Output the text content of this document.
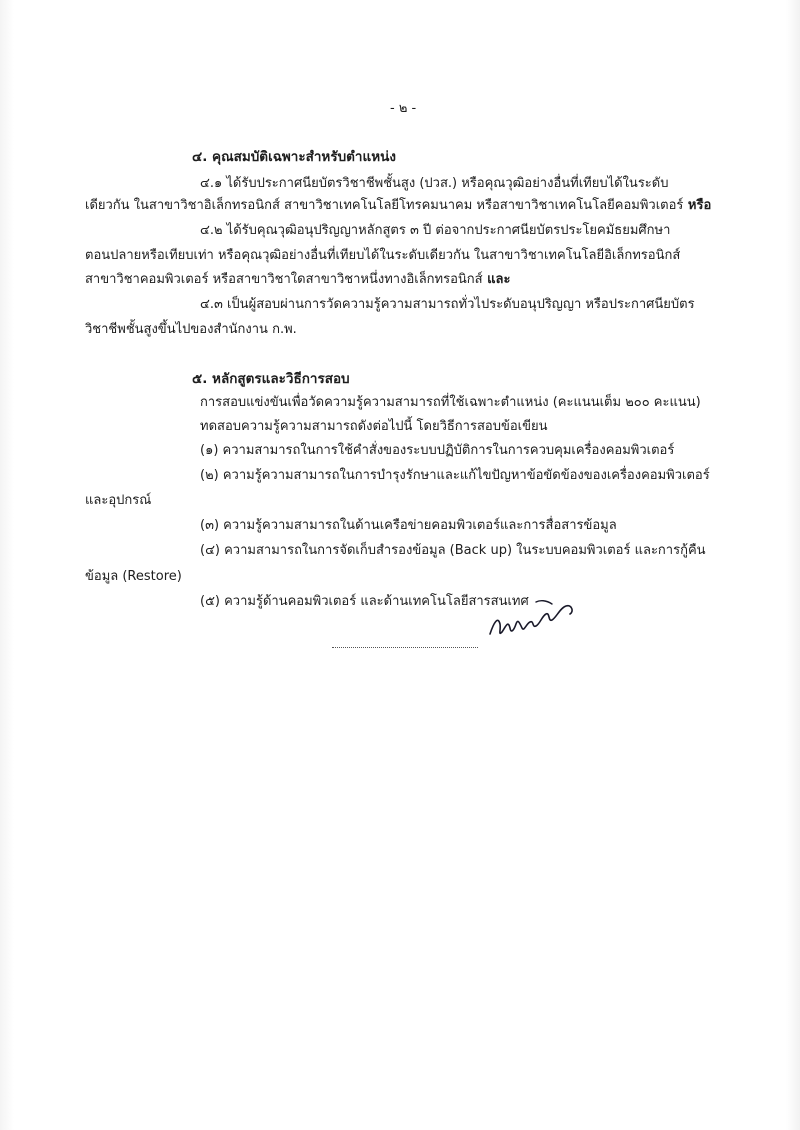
- ๒ -
๔. คุณสมบัติเฉพาะสำหรับตำแหน่ง
๔.๑ ได้รับประกาศนียบัตรวิชาชีพชั้นสูง (ปวส.) หรือคุณวุฒิอย่างอื่นที่เทียบได้ในระดับ
เดียวกัน ในสาขาวิชาอิเล็กทรอนิกส์ สาขาวิชาเทคโนโลยีโทรคมนาคม หรือสาขาวิชาเทคโนโลยีคอมพิวเตอร์ หรือ
๔.๒ ได้รับคุณวุฒิอนุปริญญาหลักสูตร ๓ ปี ต่อจากประกาศนียบัตรประโยคมัธยมศึกษา
ตอนปลายหรือเทียบเท่า หรือคุณวุฒิอย่างอื่นที่เทียบได้ในระดับเดียวกัน ในสาขาวิชาเทคโนโลยีอิเล็กทรอนิกส์
สาขาวิชาคอมพิวเตอร์ หรือสาขาวิชาใดสาขาวิชาหนึ่งทางอิเล็กทรอนิกส์ และ
๔.๓ เป็นผู้สอบผ่านการวัดความรู้ความสามารถทั่วไประดับอนุปริญญา หรือประกาศนียบัตร
วิชาชีพชั้นสูงขึ้นไปของสำนักงาน ก.พ.
๕. หลักสูตรและวิธีการสอบ
การสอบแข่งขันเพื่อวัดความรู้ความสามารถที่ใช้เฉพาะตำแหน่ง (คะแนนเต็ม ๒๐๐ คะแนน)
ทดสอบความรู้ความสามารถดังต่อไปนี้ โดยวิธีการสอบข้อเขียน
(๑) ความสามารถในการใช้คำสั่งของระบบปฏิบัติการในการควบคุมเครื่องคอมพิวเตอร์
(๒) ความรู้ความสามารถในการบำรุงรักษาและแก้ไขปัญหาข้อขัดข้องของเครื่องคอมพิวเตอร์
และอุปกรณ์
(๓) ความรู้ความสามารถในด้านเครือข่ายคอมพิวเตอร์และการสื่อสารข้อมูล
(๔) ความสามารถในการจัดเก็บสำรองข้อมูล (Back up) ในระบบคอมพิวเตอร์ และการกู้คืน
ข้อมูล (Restore)
(๕) ความรู้ด้านคอมพิวเตอร์ และด้านเทคโนโลยีสารสนเทศ
